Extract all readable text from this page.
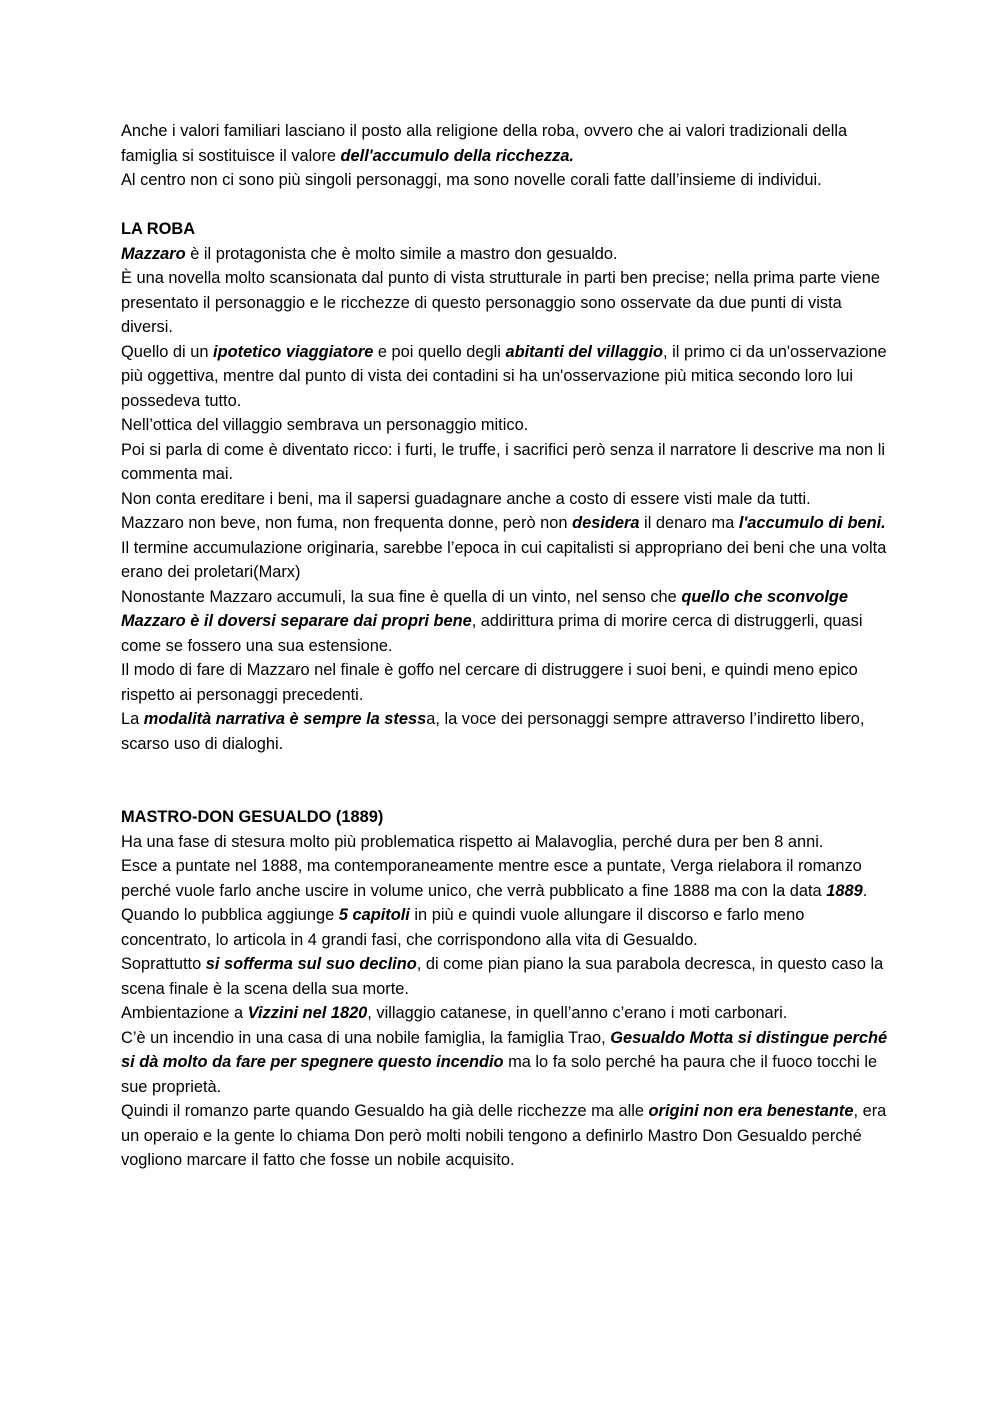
Anche i valori familiari lasciano il posto alla religione della roba, ovvero che ai valori tradizionali della famiglia si sostituisce il valore dell'accumulo della ricchezza.

Al centro non ci sono più singoli personaggi, ma sono novelle corali fatte dall’insieme di individui.

LA ROBA

Mazzaro è il protagonista che è molto simile a mastro don gesualdo.

È una novella molto scansionata dal punto di vista strutturale in parti ben precise; nella prima parte viene presentato il personaggio e le ricchezze di questo personaggio sono osservate da due punti di vista diversi.

Quello di un ipotetico viaggiatore e poi quello degli abitanti del villaggio, il primo ci da un'osservazione più oggettiva, mentre dal punto di vista dei contadini si ha un'osservazione più mitica secondo loro lui possedeva tutto.

Nell’ottica del villaggio sembrava un personaggio mitico.

Poi si parla di come è diventato ricco: i furti, le truffe, i sacrifici però senza il narratore li descrive ma non li commenta mai.

Non conta ereditare i beni, ma il sapersi guadagnare anche a costo di essere visti male da tutti.

Mazzaro non beve, non fuma, non frequenta donne, però non desidera il denaro ma l'accumulo di beni.

Il termine accumulazione originaria, sarebbe l’epoca in cui capitalisti si appropriano dei beni che una volta erano dei proletari(Marx)

Nonostante Mazzaro accumuli, la sua fine è quella di un vinto, nel senso che quello che sconvolge Mazzaro è il doversi separare dai propri bene, addirittura prima di morire cerca di distruggerli, quasi come se fossero una sua estensione.

Il modo di fare di Mazzaro nel finale è goffo nel cercare di distruggere i suoi beni, e quindi meno epico rispetto ai personaggi precedenti.

La modalità narrativa è sempre la stessa, la voce dei personaggi sempre attraverso l’indiretto libero, scarso uso di dialoghi.

MASTRO-DON GESUALDO (1889)

Ha una fase di stesura molto più problematica rispetto ai Malavoglia, perché dura per ben 8 anni.

Esce a puntate nel 1888, ma contemporaneamente mentre esce a puntate, Verga rielabora il romanzo perché vuole farlo anche uscire in volume unico, che verrà pubblicato a fine 1888 ma con la data 1889.

Quando lo pubblica aggiunge 5 capitoli in più e quindi vuole allungare il discorso e farlo meno concentrato, lo articola in 4 grandi fasi, che corrispondono alla vita di Gesualdo.

Soprattutto si sofferma sul suo declino, di come pian piano la sua parabola decresca, in questo caso la scena finale è la scena della sua morte.

Ambientazione a Vizzini nel 1820, villaggio catanese, in quell’anno c’erano i moti carbonari.

C’è un incendio in una casa di una nobile famiglia, la famiglia Trao, Gesualdo Motta si distingue perché si dà molto da fare per spegnere questo incendio ma lo fa solo perché ha paura che il fuoco tocchi le sue proprietà.

Quindi il romanzo parte quando Gesualdo ha già delle ricchezze ma alle origini non era benestante, era un operaio e la gente lo chiama Don però molti nobili tengono a definirlo Mastro Don Gesualdo perché vogliono marcare il fatto che fosse un nobile acquisito.
